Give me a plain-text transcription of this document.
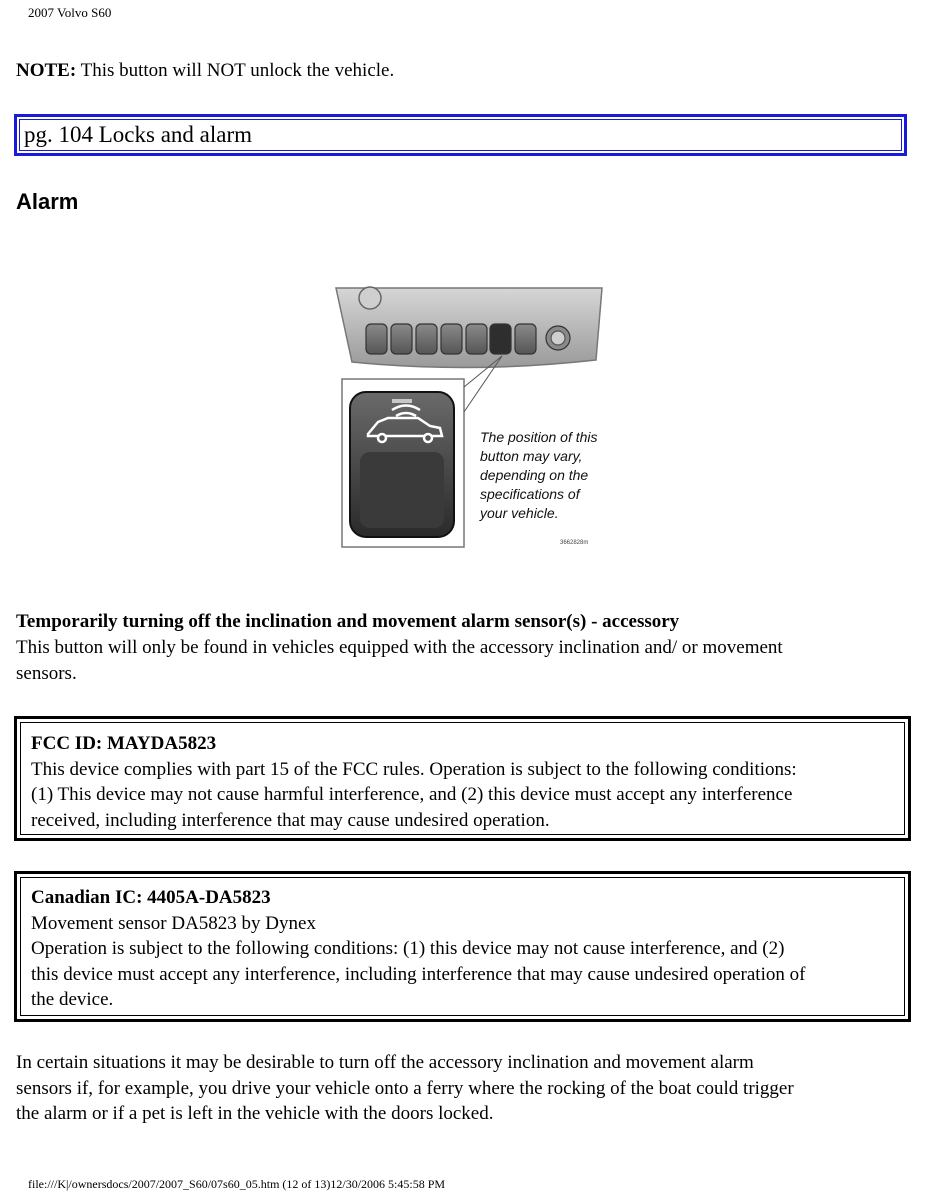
2007 Volvo S60
NOTE: This button will NOT unlock the vehicle.
pg. 104 Locks and alarm
Alarm
The position of this
button may vary,
depending on the
specifications of
your vehicle.
3662828m
Temporarily turning off the inclination and movement alarm sensor(s) - accessory
This button will only be found in vehicles equipped with the accessory inclination and/ or movement
sensors.
FCC ID: MAYDA5823
This device complies with part 15 of the FCC rules. Operation is subject to the following conditions:
(1) This device may not cause harmful interference, and (2) this device must accept any interference
received, including interference that may cause undesired operation.
Canadian IC: 4405A-DA5823
Movement sensor DA5823 by Dynex
Operation is subject to the following conditions: (1) this device may not cause interference, and (2)
this device must accept any interference, including interference that may cause undesired operation of
the device.
In certain situations it may be desirable to turn off the accessory inclination and movement alarm
sensors if, for example, you drive your vehicle onto a ferry where the rocking of the boat could trigger
the alarm or if a pet is left in the vehicle with the doors locked.
file:///K|/ownersdocs/2007/2007_S60/07s60_05.htm (12 of 13)12/30/2006 5:45:58 PM
